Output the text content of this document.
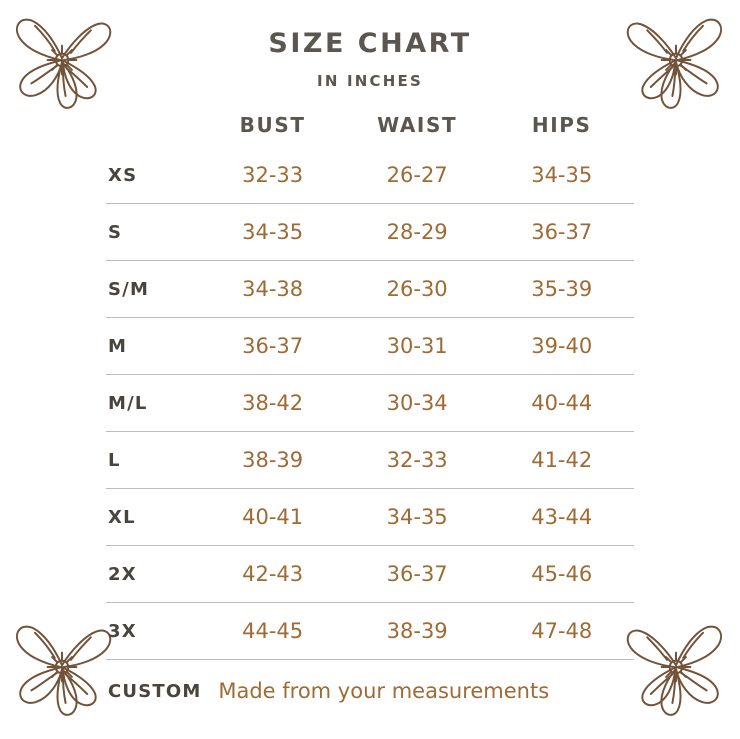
SIZE CHART
IN INCHES
	BUST	WAIST	HIPS
XS	32-33	26-27	34-35
S	34-35	28-29	36-37
S/M	34-38	26-30	35-39
M	36-37	30-31	39-40
M/L	38-42	30-34	40-44
L	38-39	32-33	41-42
XL	40-41	34-35	43-44
2X	42-43	36-37	45-46
3X	44-45	38-39	47-48
CUSTOM	Made from your measurements		
